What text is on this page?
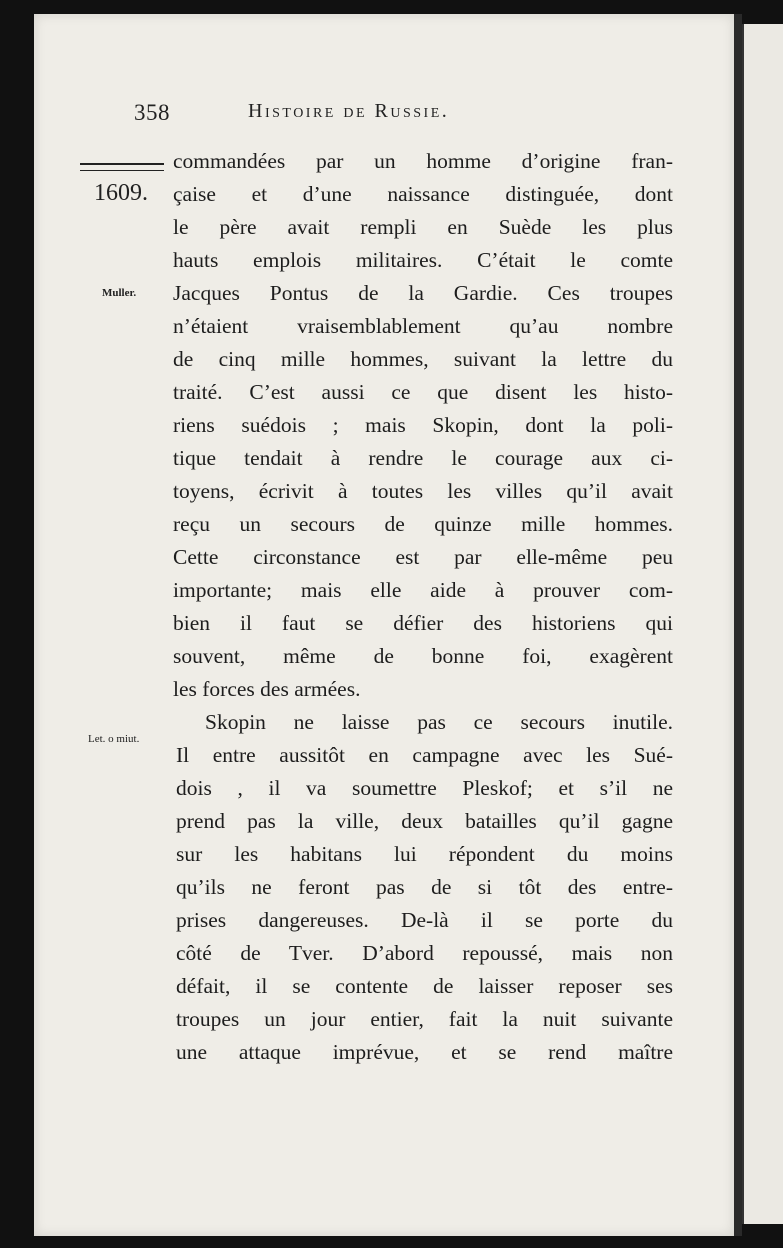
358	Histoire de Russie.
1609.
Muller.
Let. o miut.
commandées par un homme d’origine fran-
çaise et d’une naissance distinguée, dont
le père avait rempli en Suède les plus
hauts emplois militaires. C’était le comte
Jacques Pontus de la Gardie. Ces troupes
n’étaient vraisemblablement qu’au nombre
de cinq mille hommes, suivant la lettre du
traité. C’est aussi ce que disent les histo-
riens suédois ; mais Skopin, dont la poli-
tique tendait à rendre le courage aux ci-
toyens, écrivit à toutes les villes qu’il avait
reçu un secours de quinze mille hommes.
Cette circonstance est par elle-même peu
importante; mais elle aide à prouver com-
bien il faut se défier des historiens qui
souvent, même de bonne foi, exagèrent
les forces des armées.
Skopin ne laisse pas ce secours inutile.
Il entre aussitôt en campagne avec les Sué-
dois , il va soumettre Pleskof; et s’il ne
prend pas la ville, deux batailles qu’il gagne
sur les habitans lui répondent du moins
qu’ils ne feront pas de si tôt des entre-
prises dangereuses. De-là il se porte du
côté de Tver. D’abord repoussé, mais non
défait, il se contente de laisser reposer ses
troupes un jour entier, fait la nuit suivante
une attaque imprévue, et se rend maître
